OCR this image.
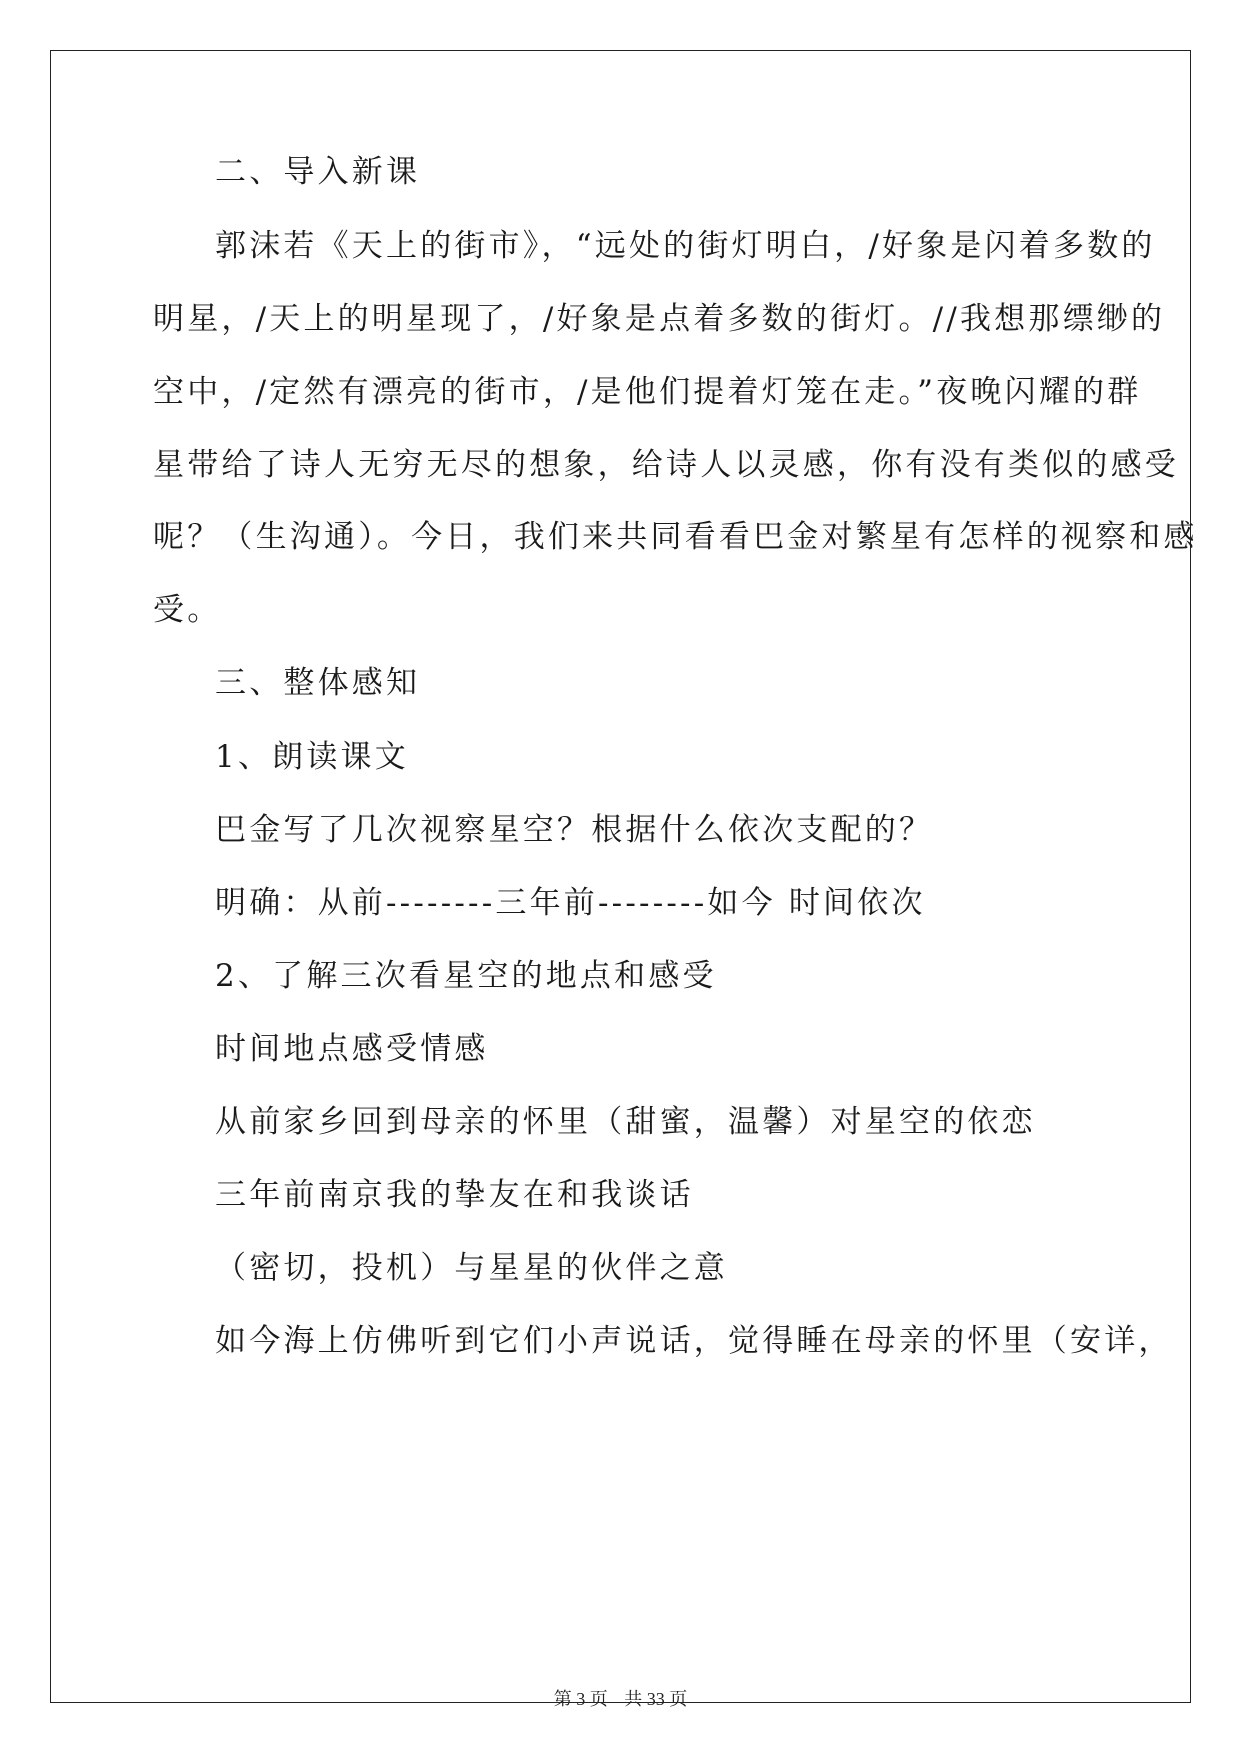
二、导入新课
郭沫若《天上的街市》，“远处的街灯明白，/好象是闪着多数的
明星，/天上的明星现了，/好象是点着多数的街灯。//我想那缥缈的
空中，/定然有漂亮的街市，/是他们提着灯笼在走。”夜晚闪耀的群
星带给了诗人无穷无尽的想象，给诗人以灵感，你有没有类似的感受
呢？（生沟通）。今日，我们来共同看看巴金对繁星有怎样的视察和感
受。
三、整体感知
1、朗读课文
巴金写了几次视察星空？根据什么依次支配的？
明确：从前--------三年前--------如今 时间依次
2、了解三次看星空的地点和感受
时间地点感受情感
从前家乡回到母亲的怀里（甜蜜，温馨）对星空的依恋
三年前南京我的挚友在和我谈话
（密切，投机）与星星的伙伴之意
如今海上仿佛听到它们小声说话，觉得睡在母亲的怀里（安详，
第 3 页 共 33 页
